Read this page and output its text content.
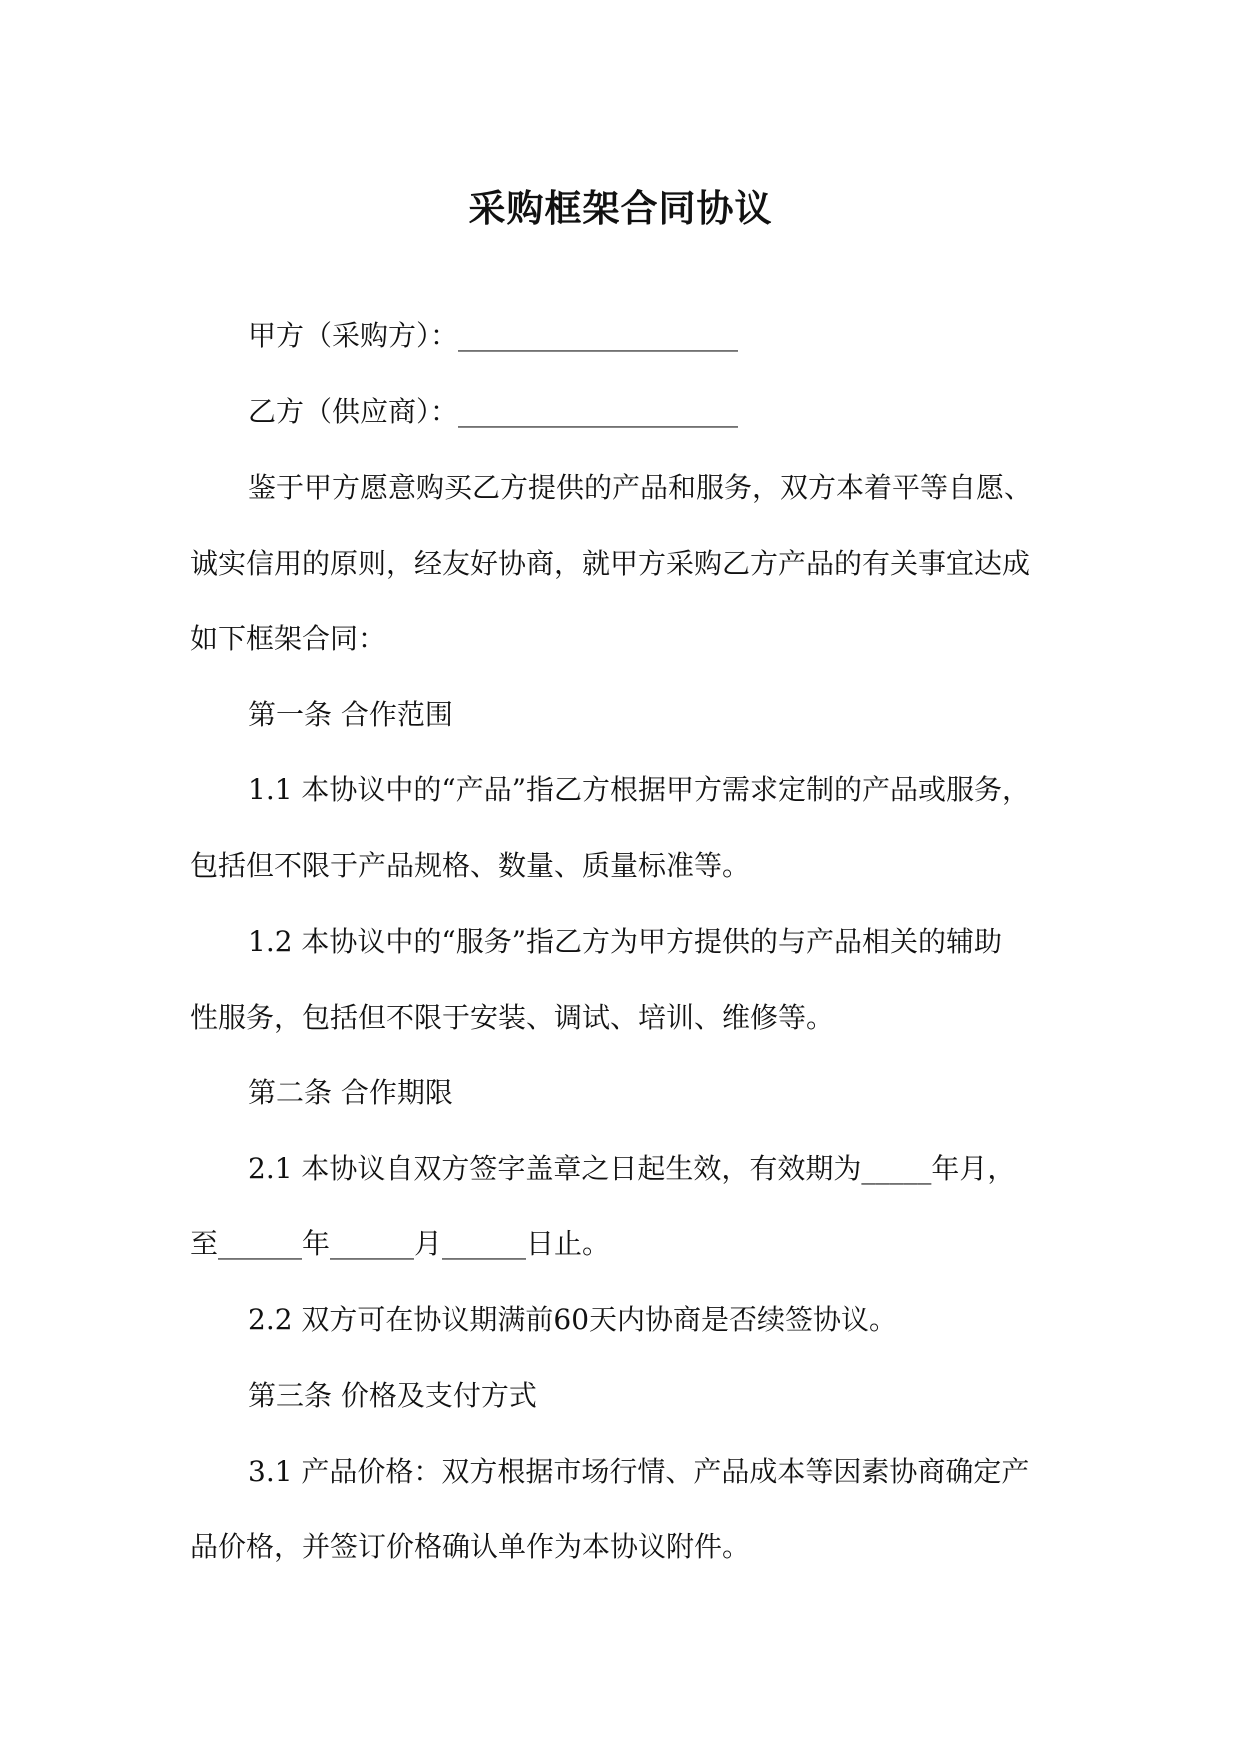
采购框架合同协议

甲方（采购方）：____________________

乙方（供应商）：____________________

鉴于甲方愿意购买乙方提供的产品和服务，双方本着平等自愿、

诚实信用的原则，经友好协商，就甲方采购乙方产品的有关事宜达成

如下框架合同：

第一条 合作范围

1.1 本协议中的“产品”指乙方根据甲方需求定制的产品或服务，

包括但不限于产品规格、数量、质量标准等。

1.2 本协议中的“服务”指乙方为甲方提供的与产品相关的辅助

性服务，包括但不限于安装、调试、培训、维修等。

第二条 合作期限

2.1 本协议自双方签字盖章之日起生效，有效期为_____年月，

至______年______月______日止。

2.2 双方可在协议期满前60天内协商是否续签协议。

第三条 价格及支付方式

3.1 产品价格：双方根据市场行情、产品成本等因素协商确定产

品价格，并签订价格确认单作为本协议附件。
